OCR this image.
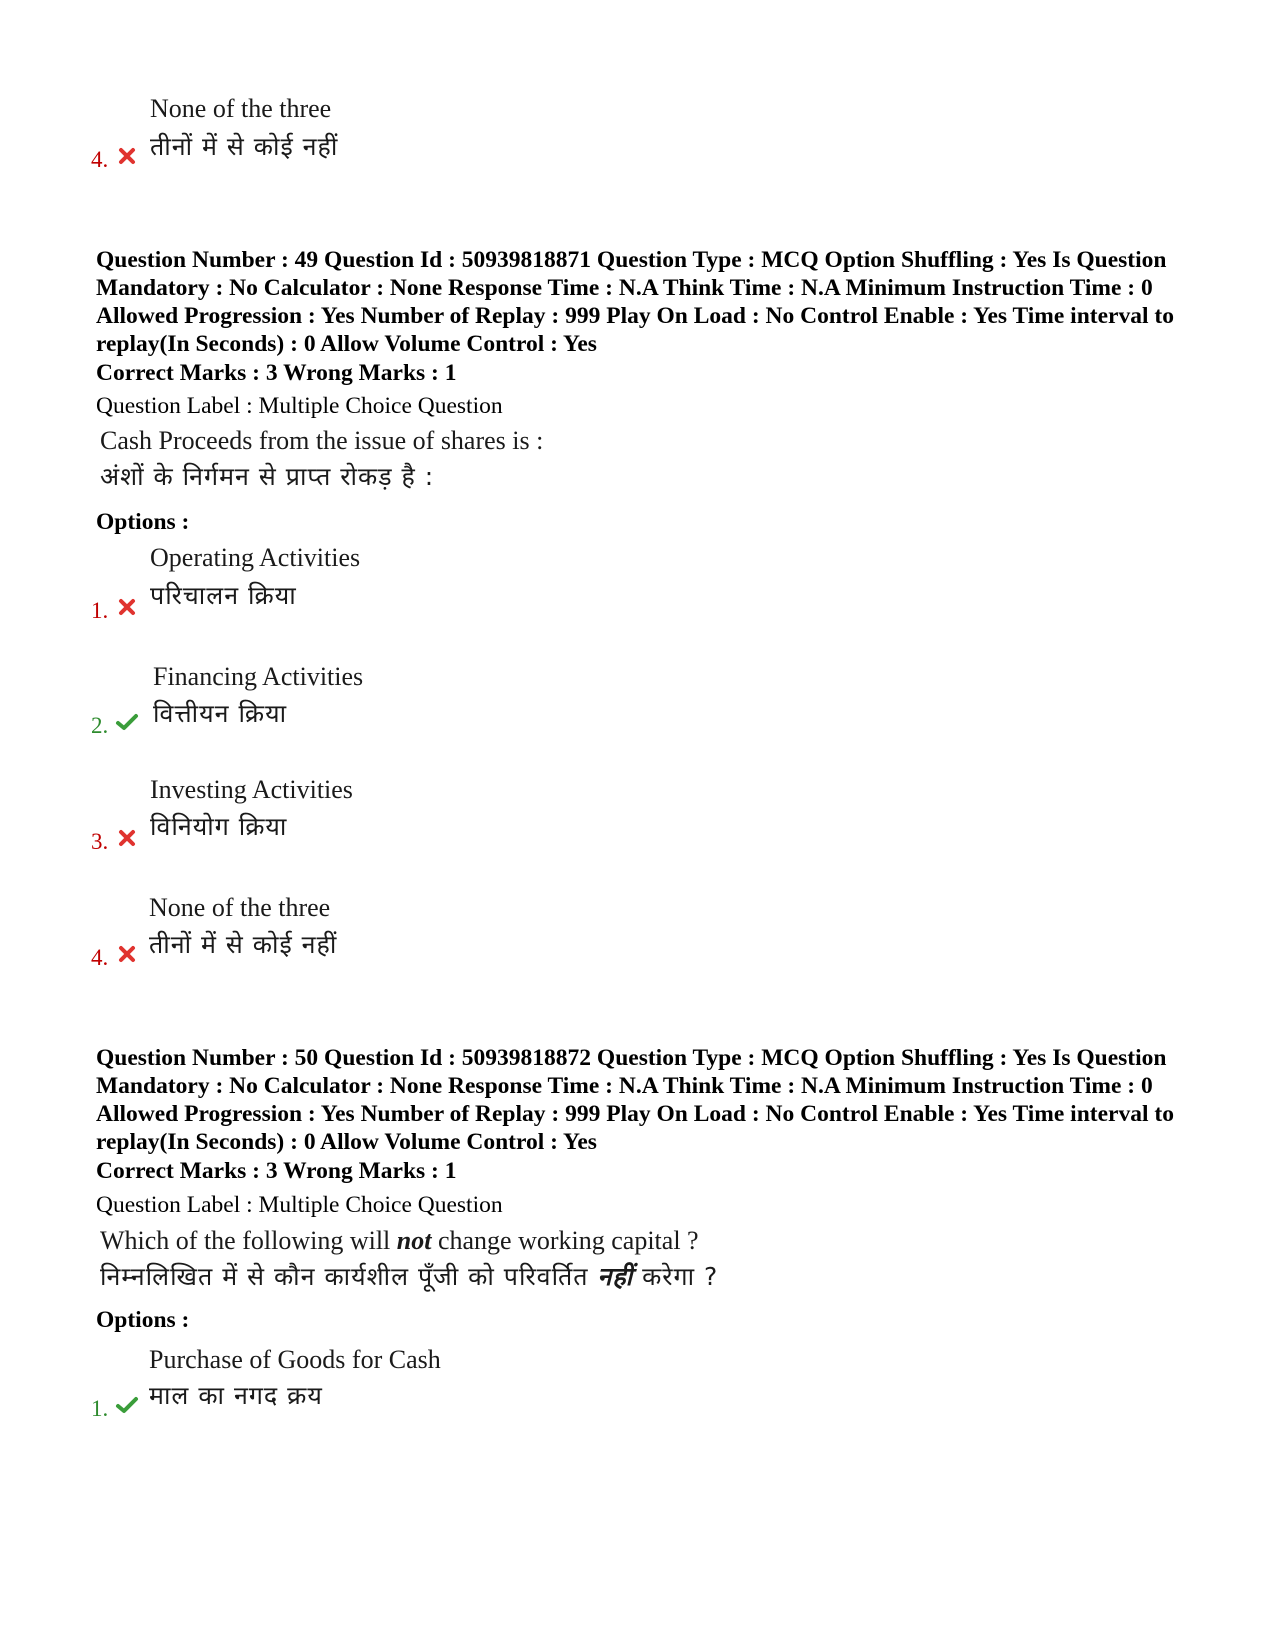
None of the three
तीनों में से कोई नहीं
4.
Question Number : 49 Question Id : 50939818871 Question Type : MCQ Option Shuffling : Yes Is Question Mandatory : No Calculator : None Response Time : N.A Think Time : N.A Minimum Instruction Time : 0 Allowed Progression : Yes Number of Replay : 999 Play On Load : No Control Enable : Yes Time interval to replay(In Seconds) : 0 Allow Volume Control : Yes
Correct Marks : 3 Wrong Marks : 1
Question Label : Multiple Choice Question
Cash Proceeds from the issue of shares is :
अंशों के निर्गमन से प्राप्त रोकड़ है :
Options :
Operating Activities
परिचालन क्रिया
1.
Financing Activities
वित्तीयन क्रिया
2.
Investing Activities
विनियोग क्रिया
3.
None of the three
तीनों में से कोई नहीं
4.
Question Number : 50 Question Id : 50939818872 Question Type : MCQ Option Shuffling : Yes Is Question Mandatory : No Calculator : None Response Time : N.A Think Time : N.A Minimum Instruction Time : 0 Allowed Progression : Yes Number of Replay : 999 Play On Load : No Control Enable : Yes Time interval to replay(In Seconds) : 0 Allow Volume Control : Yes
Correct Marks : 3 Wrong Marks : 1
Question Label : Multiple Choice Question
Which of the following will not change working capital ?
निम्नलिखित में से कौन कार्यशील पूँजी को परिवर्तित नहीं करेगा ?
Options :
Purchase of Goods for Cash
माल का नगद क्रय
1.
